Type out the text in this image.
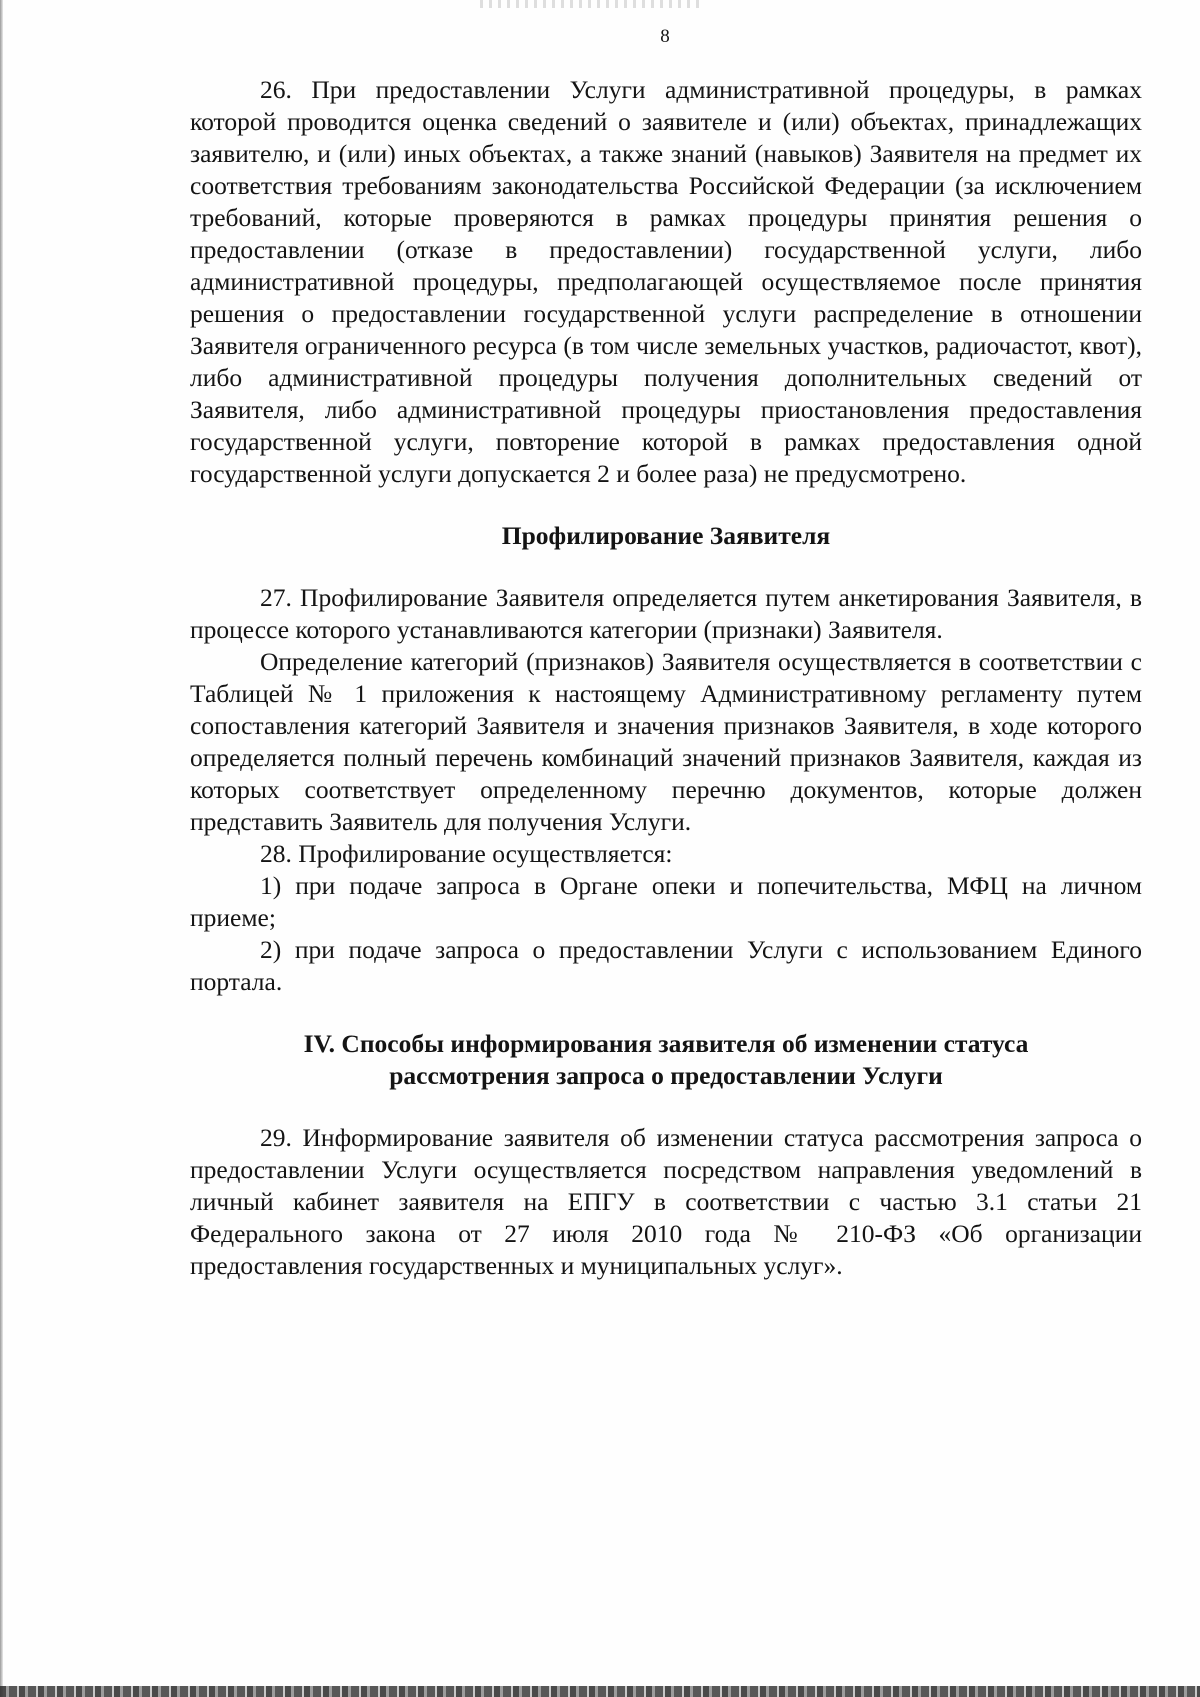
8

26. При предоставлении Услуги административной процедуры, в рамках которой проводится оценка сведений о заявителе и (или) объектах, принадлежащих заявителю, и (или) иных объектах, а также знаний (навыков) Заявителя на предмет их соответствия требованиям законодательства Российской Федерации (за исключением требований, которые проверяются в рамках процедуры принятия решения о предоставлении (отказе в предоставлении) государственной услуги, либо административной процедуры, предполагающей осуществляемое после принятия решения о предоставлении государственной услуги распределение в отношении Заявителя ограниченного ресурса (в том числе земельных участков, радиочастот, квот), либо административной процедуры получения дополнительных сведений от Заявителя, либо административной процедуры приостановления предоставления государственной услуги, повторение которой в рамках предоставления одной государственной услуги допускается 2 и более раза) не предусмотрено.

Профилирование Заявителя

27. Профилирование Заявителя определяется путем анкетирования Заявителя, в процессе которого устанавливаются категории (признаки) Заявителя.

Определение категорий (признаков) Заявителя осуществляется в соответствии с Таблицей № 1 приложения к настоящему Административному регламенту путем сопоставления категорий Заявителя и значения признаков Заявителя, в ходе которого определяется полный перечень комбинаций значений признаков Заявителя, каждая из которых соответствует определенному перечню документов, которые должен представить Заявитель для получения Услуги.

28. Профилирование осуществляется:

1) при подаче запроса в Органе опеки и попечительства, МФЦ на личном приеме;

2) при подаче запроса о предоставлении Услуги с использованием Единого портала.

IV. Способы информирования заявителя об изменении статуса
рассмотрения запроса о предоставлении Услуги

29. Информирование заявителя об изменении статуса рассмотрения запроса о предоставлении Услуги осуществляется посредством направления уведомлений в личный кабинет заявителя на ЕПГУ в соответствии с частью 3.1 статьи 21 Федерального закона от 27 июля 2010 года № 210-ФЗ «Об организации предоставления государственных и муниципальных услуг».
